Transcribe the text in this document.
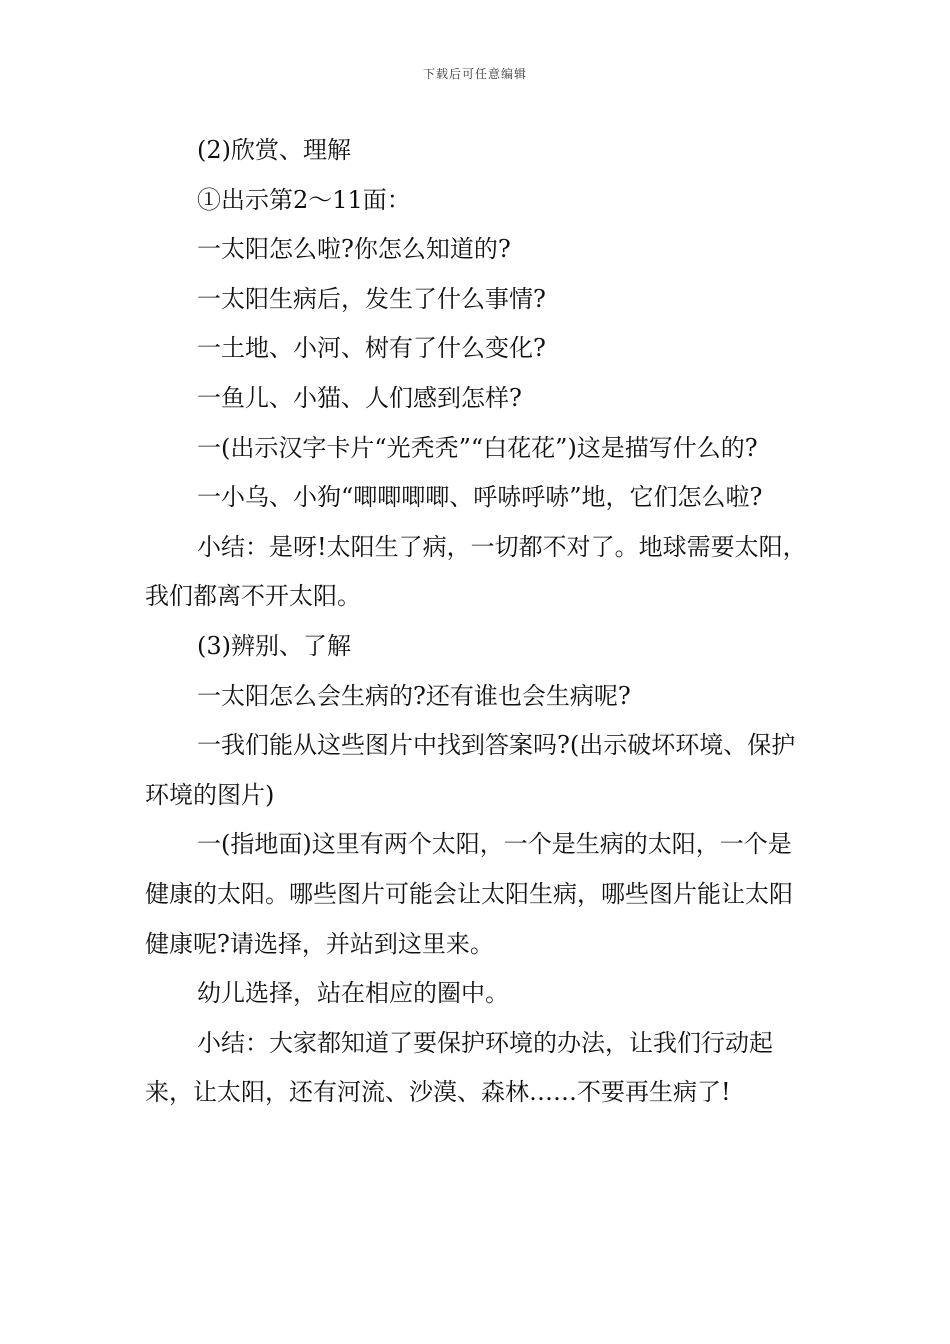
下载后可任意编辑

(2)欣赏、理解

①出示第2～11面：

一太阳怎么啦?你怎么知道的?

一太阳生病后，发生了什么事情?

一土地、小河、树有了什么变化?

一鱼儿、小猫、人们感到怎样?

一(出示汉字卡片“光秃秃”“白花花”)这是描写什么的?

一小乌、小狗“唧唧唧唧、呼哧呼哧”地，它们怎么啦?

小结：是呀!太阳生了病，一切都不对了。地球需要太阳，我们都离不开太阳。

(3)辨别、了解

一太阳怎么会生病的?还有谁也会生病呢?

一我们能从这些图片中找到答案吗?(出示破坏环境、保护环境的图片)

一(指地面)这里有两个太阳，一个是生病的太阳，一个是健康的太阳。哪些图片可能会让太阳生病，哪些图片能让太阳健康呢?请选择，并站到这里来。

幼儿选择，站在相应的圈中。

小结：大家都知道了要保护环境的办法，让我们行动起来，让太阳，还有河流、沙漠、森林……不要再生病了!
